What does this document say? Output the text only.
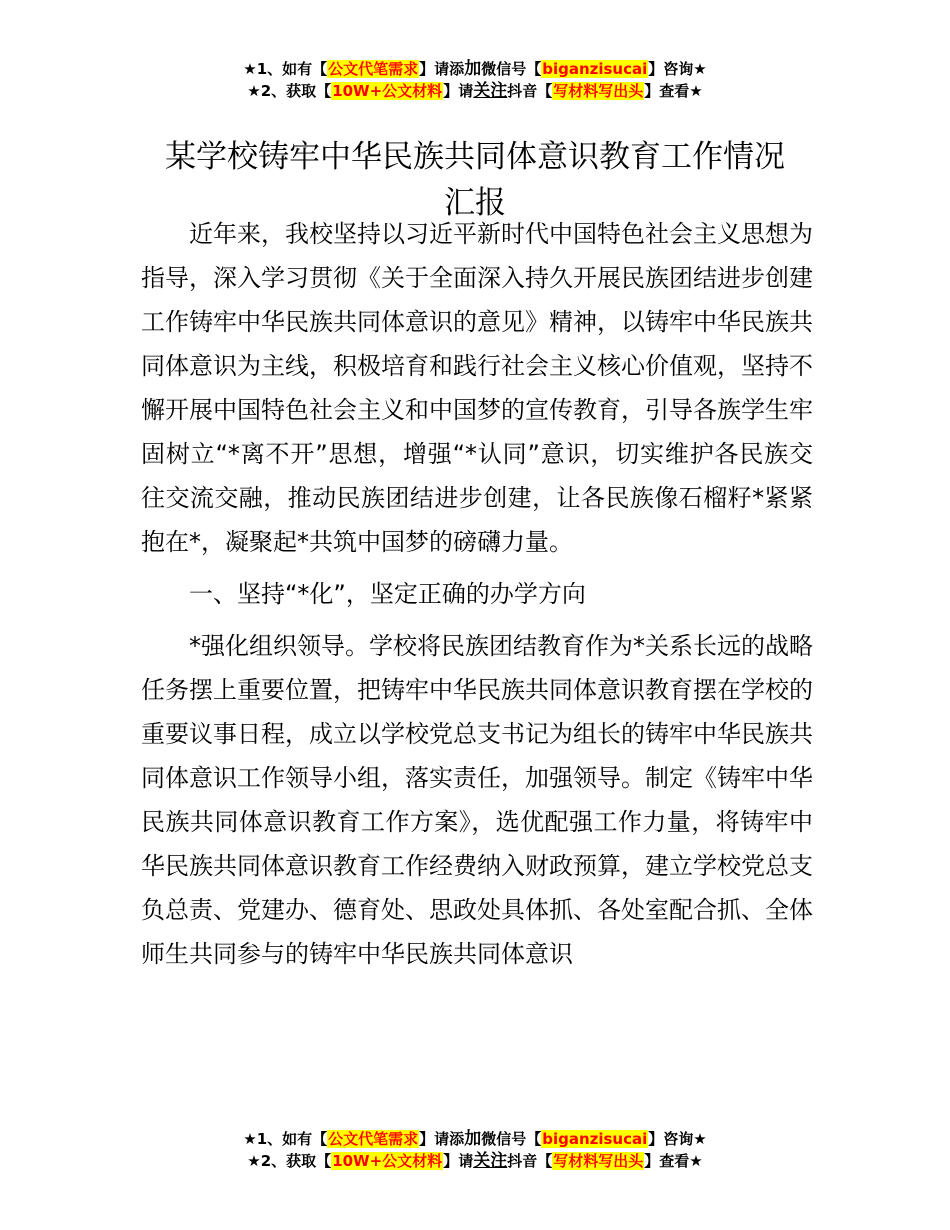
★1、如有【公文代笔需求】请添加微信号【biganzisucai】咨询★
★2、获取【10W+公文材料】请关注抖音【写材料写出头】查看★
某学校铸牢中华民族共同体意识教育工作情况
汇报

近年来，我校坚持以习近平新时代中国特色社会主义思想为指导，深入学习贯彻《关于全面深入持久开展民族团结进步创建工作铸牢中华民族共同体意识的意见》精神，以铸牢中华民族共同体意识为主线，积极培育和践行社会主义核心价值观，坚持不懈开展中国特色社会主义和中国梦的宣传教育，引导各族学生牢固树立“*离不开”思想，增强“*认同”意识，切实维护各民族交往交流交融，推动民族团结进步创建，让各民族像石榴籽*紧紧抱在*，凝聚起*共筑中国梦的磅礴力量。

一、坚持“*化”，坚定正确的办学方向

*强化组织领导。学校将民族团结教育作为*关系长远的战略任务摆上重要位置，把铸牢中华民族共同体意识教育摆在学校的重要议事日程，成立以学校党总支书记为组长的铸牢中华民族共同体意识工作领导小组，落实责任，加强领导。制定《铸牢中华民族共同体意识教育工作方案》，选优配强工作力量，将铸牢中华民族共同体意识教育工作经费纳入财政预算，建立学校党总支负总责、党建办、德育处、思政处具体抓、各处室配合抓、全体师生共同参与的铸牢中华民族共同体意识

★1、如有【公文代笔需求】请添加微信号【biganzisucai】咨询★
★2、获取【10W+公文材料】请关注抖音【写材料写出头】查看★
